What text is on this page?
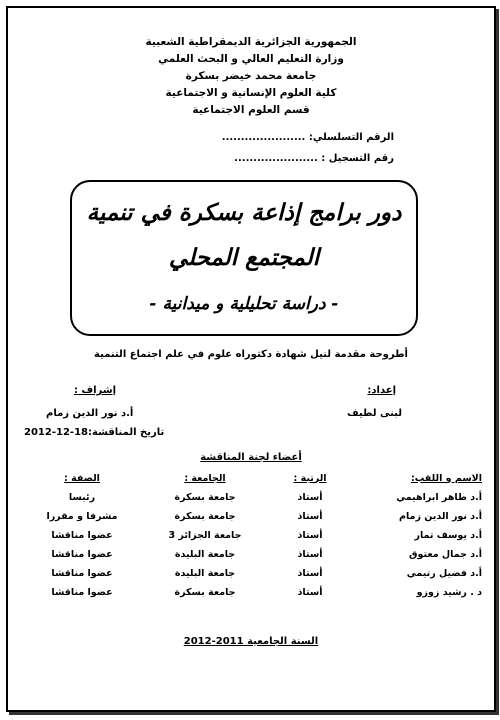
الجمهورية الجزائرية الديمقراطية الشعبية
وزارة التعليم العالي و البحث العلمي
جامعة محمد خيضر بسكرة
كلية العلوم الإنسانية و الاجتماعية
قسم العلوم الاجتماعية
الرقم التسلسلي: ......................
رقم التسجيل : ......................
دور برامج إذاعة بسكرة في تنمية
المجتمع المحلي
- دراسة تحليلية و ميدانية -
أطروحة مقدمة لنيل شهادة دكتوراه علوم في علم اجتماع التنمية
إعداد:
لبنى لطيف
إشراف :
أ.د نور الدين زمام
تاريخ المناقشة:18-12-2012
أعضاء لجنة المناقشة
الاسم و اللقب:	الرتبة :	الجامعة :	الصفة :
أ.د طاهر ابراهيمي	أستاذ	جامعة بسكرة	رئيسا
أ.د نور الدين زمام	أستاذ	جامعة بسكرة	مشرفا و مقررا
أ.د يوسف تمار	أستاذ	جامعة الجزائر 3	عضوا مناقشا
أ.د جمال معتوق	أستاذ	جامعة البليدة	عضوا مناقشا
أ.د فضيل رتيمي	أستاذ	جامعة البليدة	عضوا مناقشا
د . رشيد زوزو	أستاذ	جامعة بسكرة	عضوا مناقشا
السنة الجامعية 2011-2012
